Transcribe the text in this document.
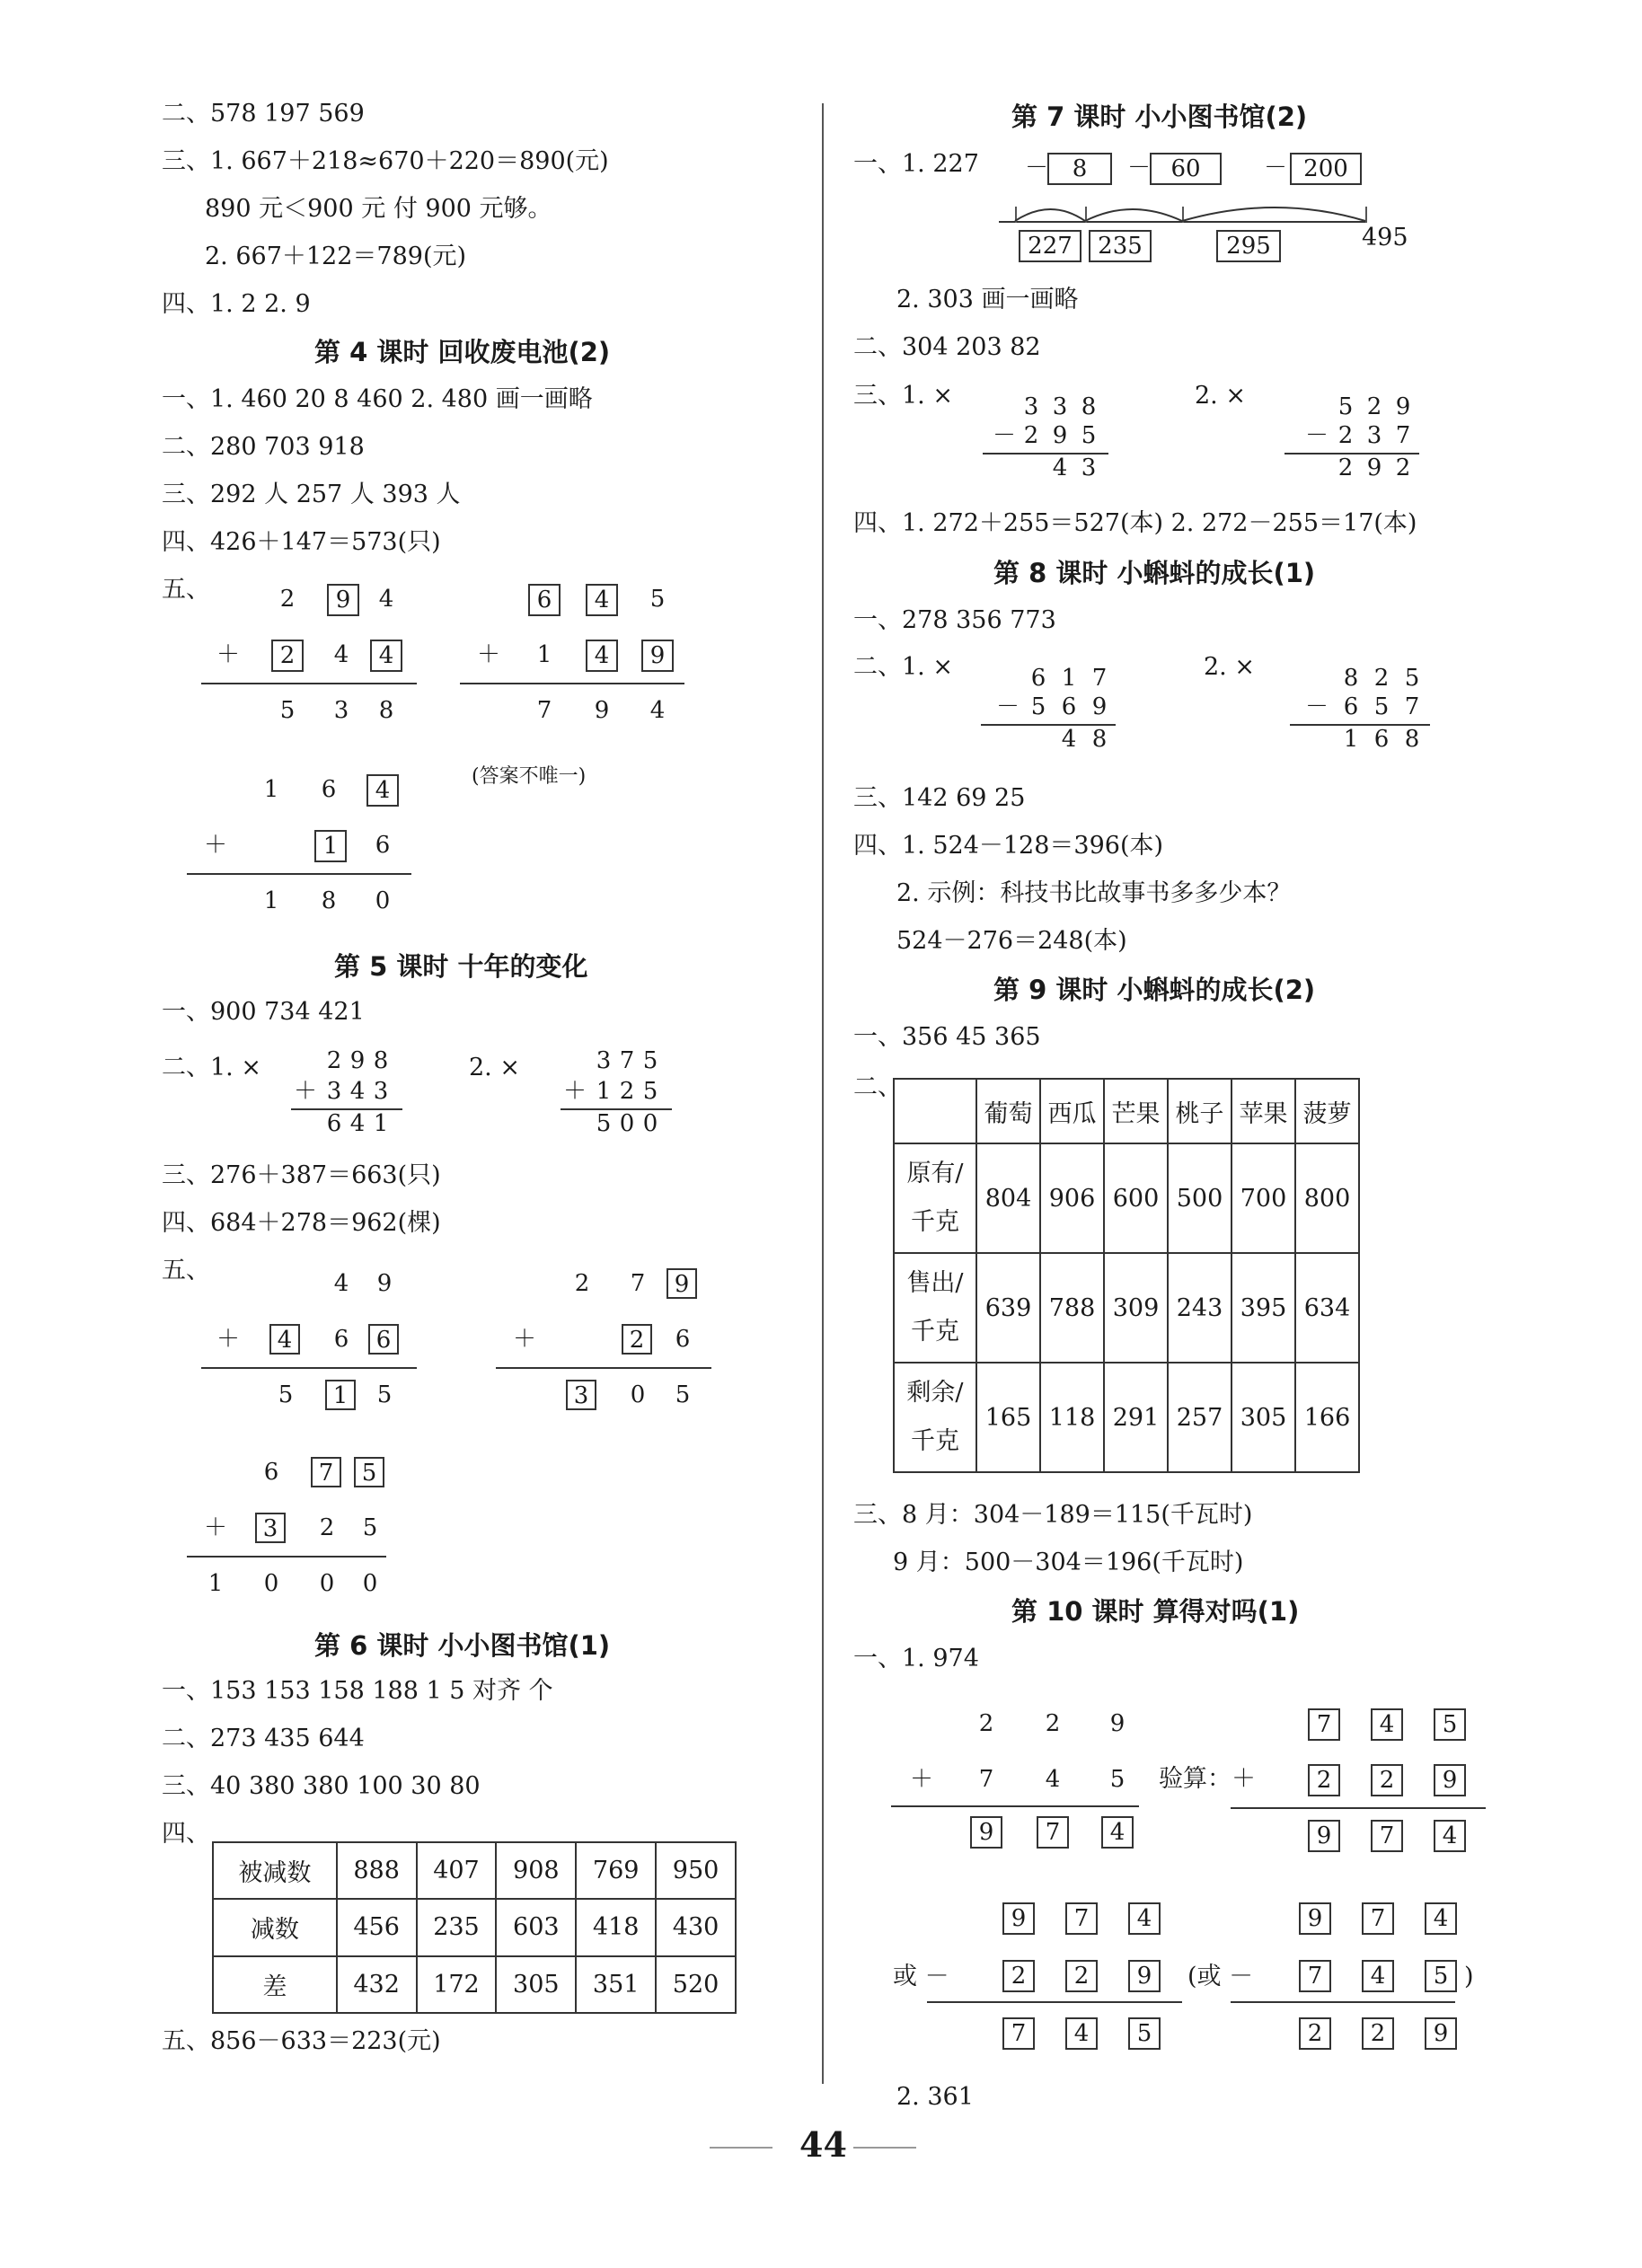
二、578 197 569
三、1. 667＋218≈670＋220＝890(元)
890 元＜900 元 付 900 元够。
2. 667＋122＝789(元)
四、1. 2 2. 9
第 4 课时 回收废电池(2)
一、1. 460 20 8 460 2. 480 画一画略
二、280 703 918
三、292 人 257 人 393 人
四、426＋147＝573(只)
五、	2	9	4
＋	2	4	4
5 3 8
6	4	5
＋ 1	4	9
7 9 4
1 6	4
＋	1	6
1 8 0
(答案不唯一)
第 5 课时 十年的变化
一、900 734 421
二、1. ×	2 9 8
＋ 3 4 3
6 4 1
2. ×	3 7 5
＋ 1 2 5
5 0 0
三、276＋387＝663(只)
四、684＋278＝962(棵)
五、	4 9
＋	4	6	6
5	1	5
2 7	9
＋	2	6
3	0 5
6	7	5
＋	3	2 5
1 0 0 0
第 6 课时 小小图书馆(1)
一、153 153 158 188 1 5 对齐 个
二、273 435 644
三、40 380 380 100 30 80
四、
被减数	888	407	908	769	950
减数	456	235	603	418	430
差	432	172	305	351	520
五、856－633＝223(元)
第 7 课时 小小图书馆(2)
一、1. 227 －	8	－ 60	－ 200
227	235	295	495
2. 303 画一画略
二、304 203 82
三、1. ×	3 3 8
－ 2 9 5
4 3
2. ×	5 2 9
－ 2 3 7
2 9 2
四、1. 272＋255＝527(本) 2. 272－255＝17(本)
第 8 课时 小蝌蚪的成长(1)
一、278 356 773
二、1. ×	6 1 7
－ 5 6 9
4 8
2. ×	8 2 5
－ 6 5 7
1 6 8
三、142 69 25
四、1. 524－128＝396(本)
2. 示例：科技书比故事书多多少本？
524－276＝248(本)
第 9 课时 小蝌蚪的成长(2)
一、356 45 365
二、
	葡萄	西瓜	芒果	桃子	苹果	菠萝
原有/千克	804	906	600	500	700	800
售出/千克	639	788	309	243	395	634
剩余/千克	165	118	291	257	305	166
三、8 月：304－189＝115(千瓦时)
9 月：500－304＝196(千瓦时)
第 10 课时 算得对吗(1)
一、1. 974
2 2 9
＋ 7 4 5
9	7	4
验算：＋
7	4	5
2	2	9
9	7	4
9	7	4
或 －	2	2	9
7	4	5
9	7	4
(或 －	7	4	5 )
2	2	9
2. 361
44
